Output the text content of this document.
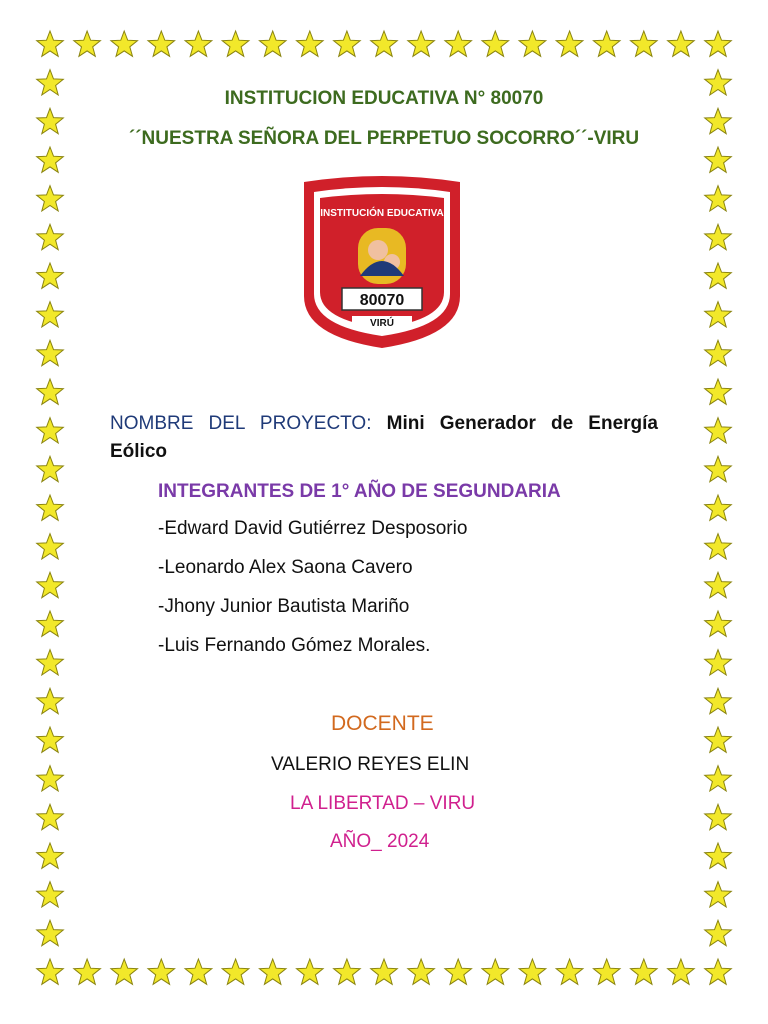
INSTITUCION EDUCATIVA N° 80070
´´NUESTRA SEÑORA DEL PERPETUO SOCORRO´´-VIRU
INSTITUCIÓN EDUCATIVA
80070
VIRÚ
NOMBRE DEL PROYECTO: Mini Generador de Energía Eólico
INTEGRANTES DE 1° AÑO DE SEGUNDARIA
-Edward David Gutiérrez Desposorio
-Leonardo Alex Saona Cavero
-Jhony Junior Bautista Mariño
-Luis Fernando Gómez Morales.
DOCENTE
VALERIO REYES ELIN
LA LIBERTAD – VIRU
AÑO_ 2024
